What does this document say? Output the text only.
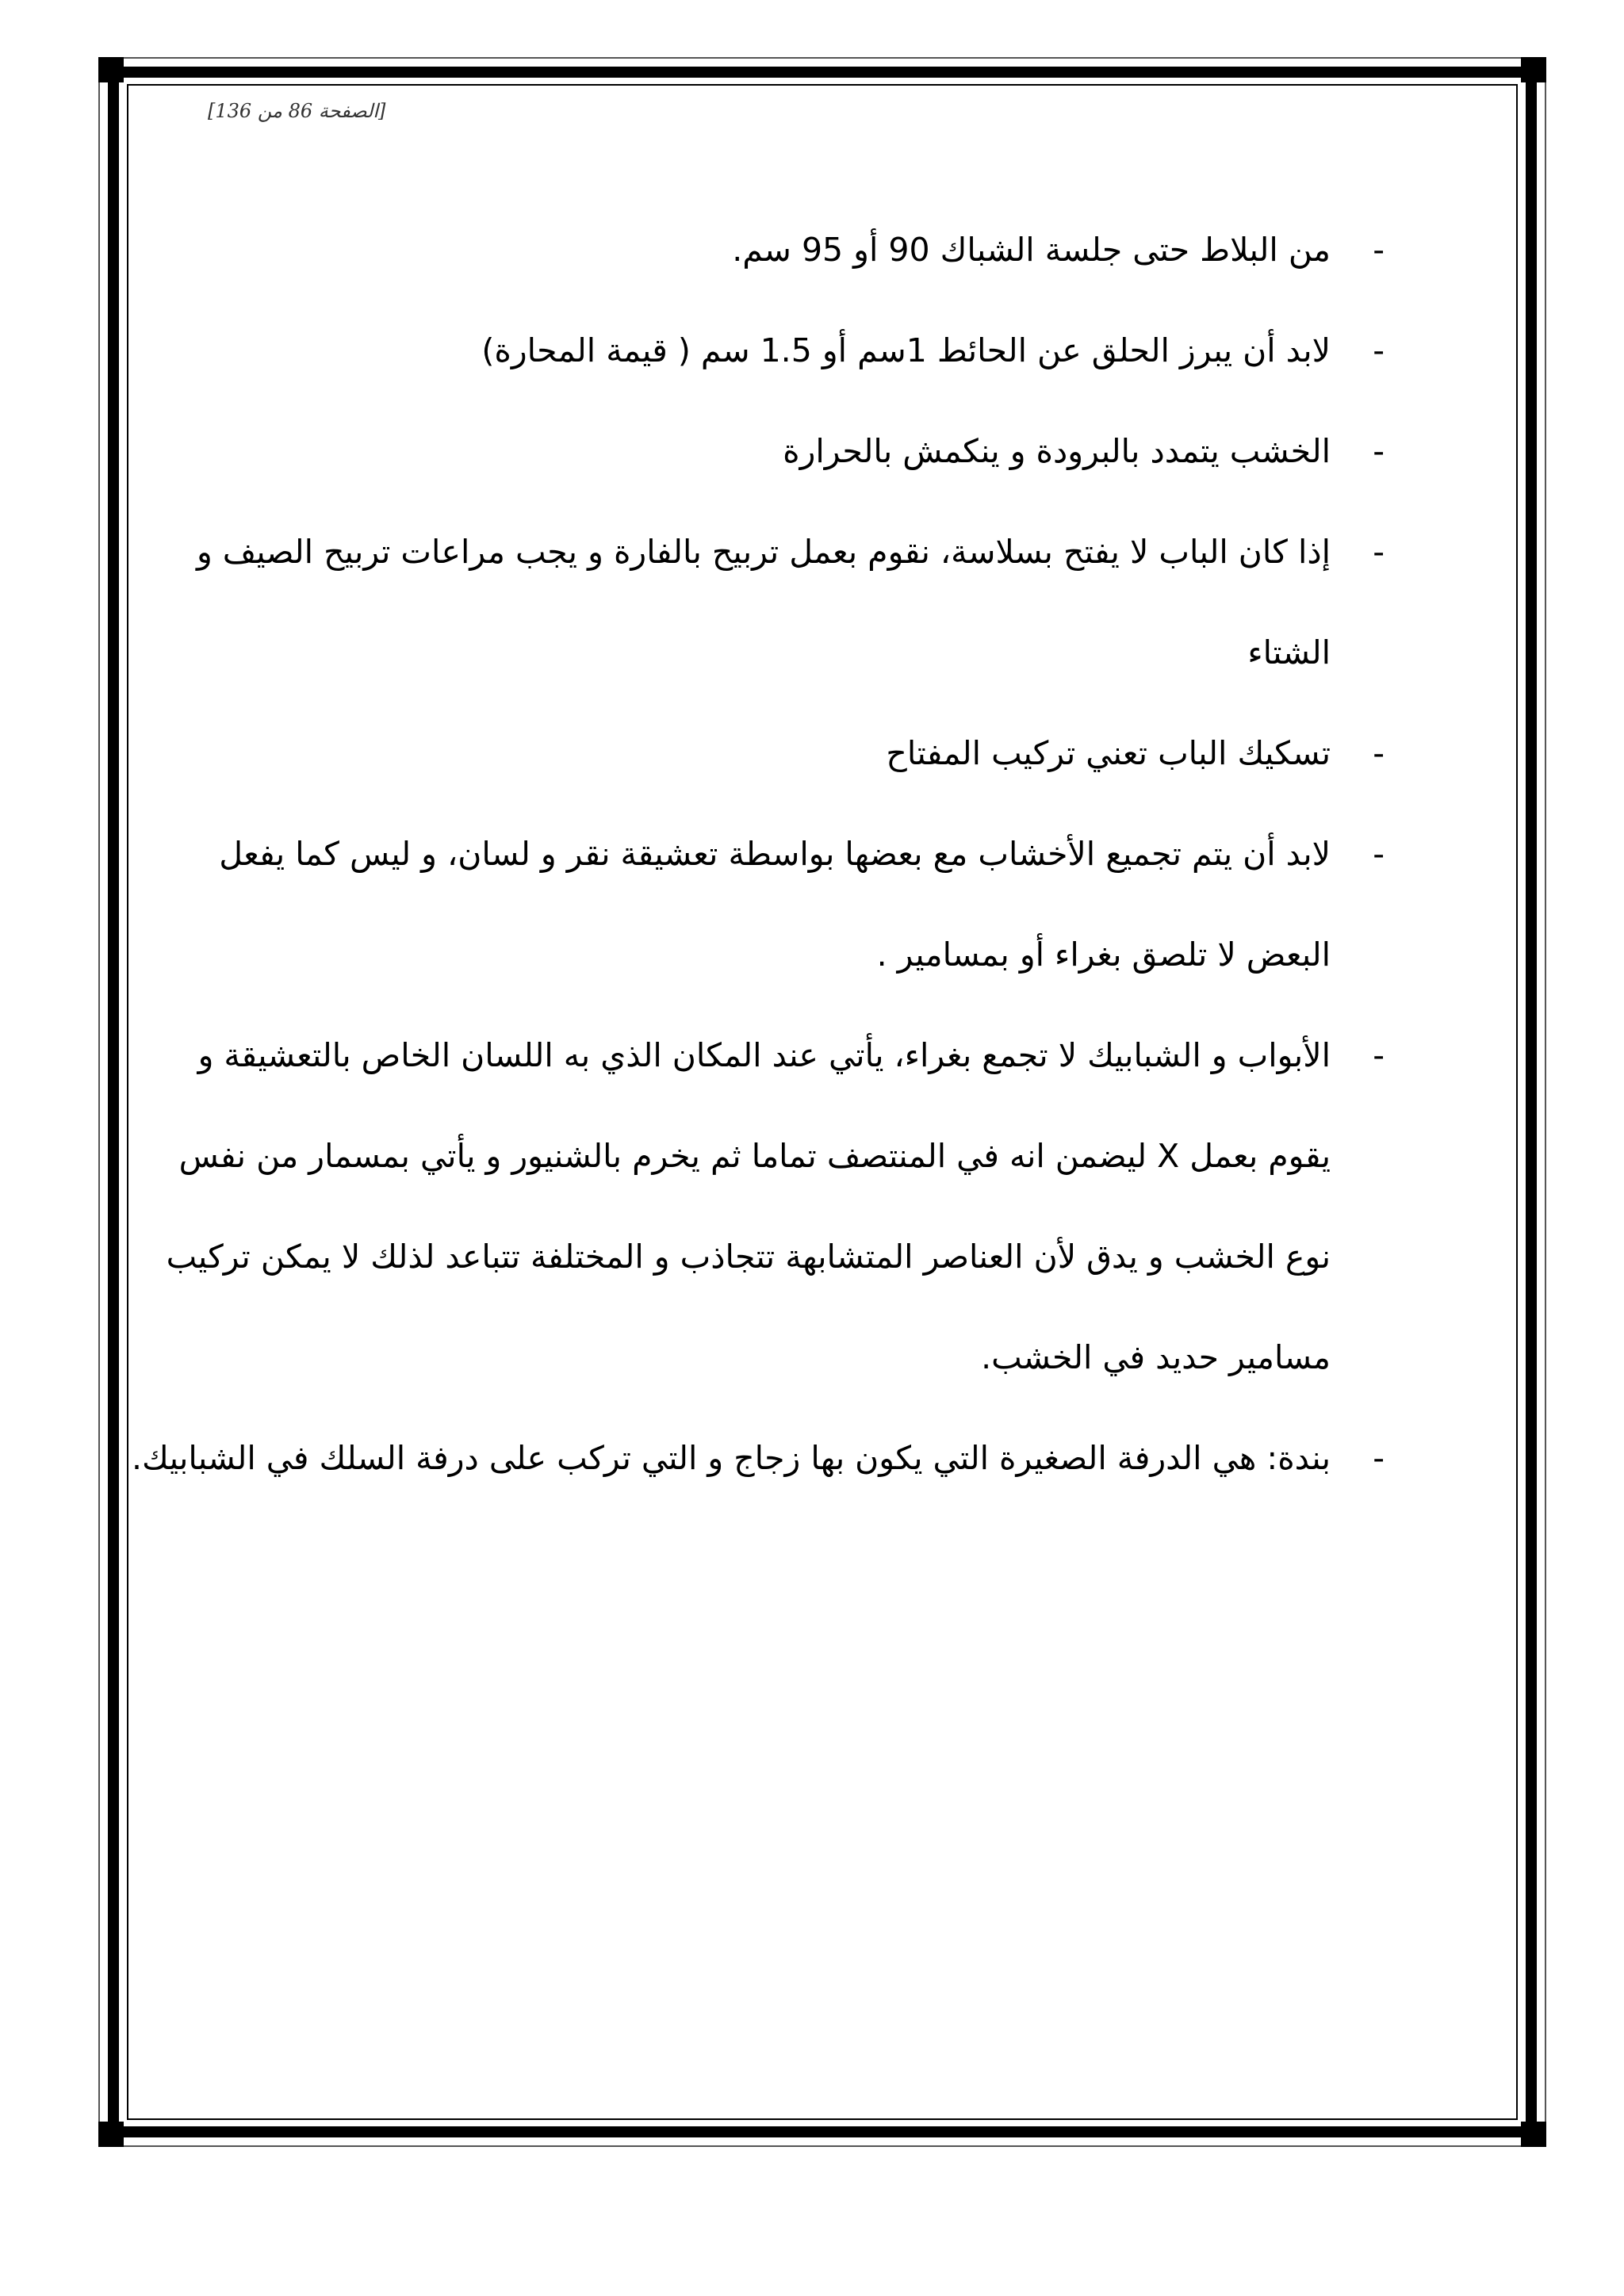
[الصفحة 86 من 136]
-
من البلاط حتى جلسة الشباك 90 أو 95 سم.
-
لابد أن يبرز الحلق عن الحائط 1سم أو 1.5 سم ( قيمة المحارة)
-
الخشب يتمدد بالبرودة و ينكمش بالحرارة
-
إذا كان الباب لا يفتح بسلاسة، نقوم بعمل تربيح بالفارة و يجب مراعات تربيح الصيف و الشتاء
-
تسكيك الباب تعني تركيب المفتاح
-
لابد أن يتم تجميع الأخشاب مع بعضها بواسطة تعشيقة نقر و لسان، و ليس كما يفعل البعض لا تلصق بغراء أو بمسامير .
-
الأبواب و الشبابيك لا تجمع بغراء، يأتي عند المكان الذي به اللسان الخاص بالتعشيقة و يقوم بعمل X ليضمن انه في المنتصف تماما ثم يخرم بالشنيور و يأتي بمسمار من نفس نوع الخشب و يدق لأن العناصر المتشابهة تتجاذب و المختلفة تتباعد لذلك لا يمكن تركيب مسامير حديد في الخشب.
-
بندة: هي الدرفة الصغيرة التي يكون بها زجاج و التي تركب على درفة السلك في الشبابيك.
